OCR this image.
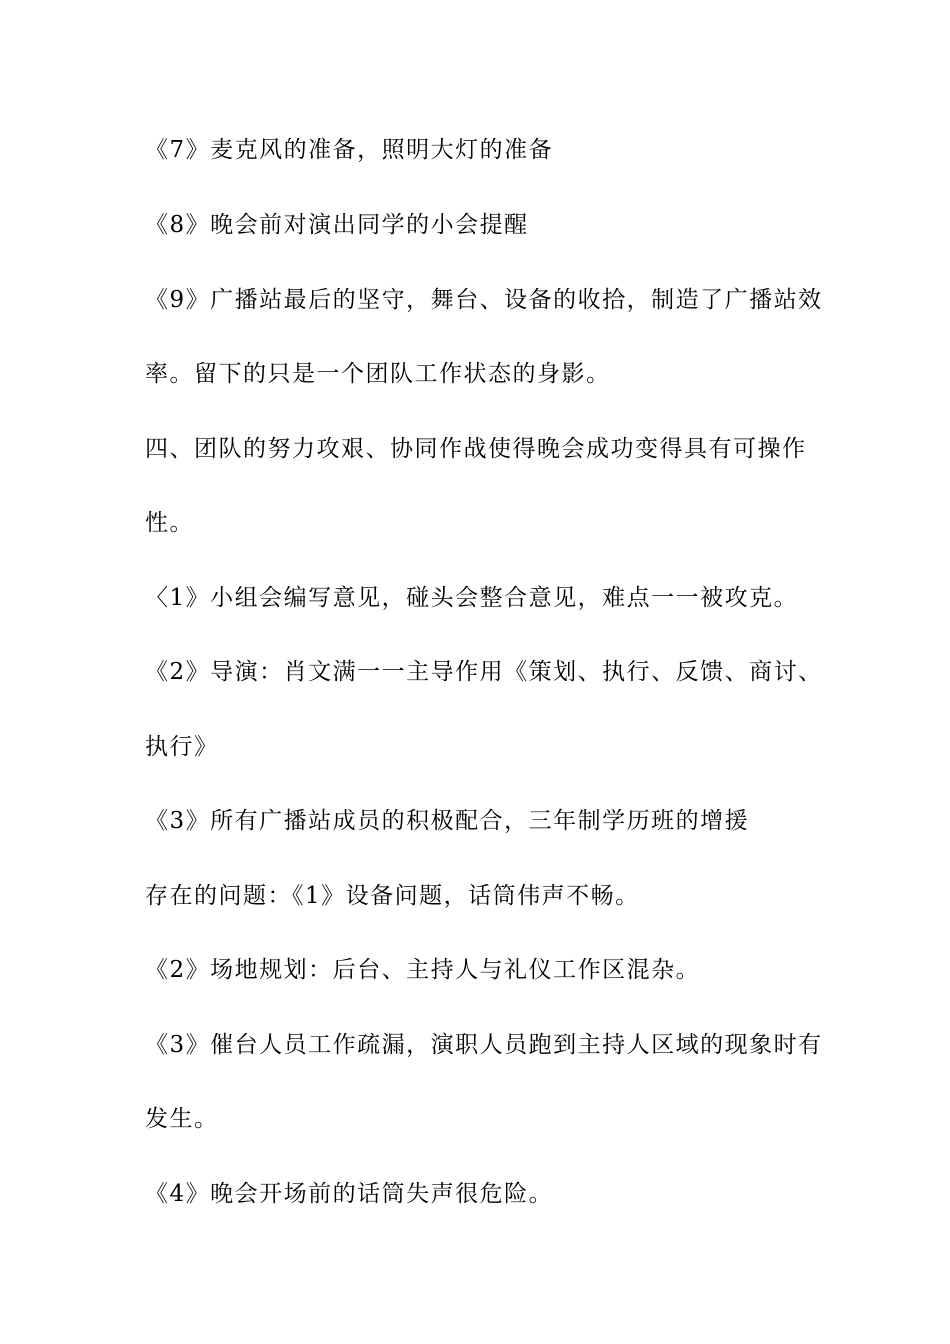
《7》麦克风的准备，照明大灯的准备
《8》晚会前对演出同学的小会提醒
《9》广播站最后的坚守，舞台、设备的收拾，制造了广播站效
率。留下的只是一个团队工作状态的身影。
四、团队的努力攻艰、协同作战使得晚会成功变得具有可操作
性。
〈1》小组会编写意见，碰头会整合意见，难点一一被攻克。
《2》导演：肖文满一一主导作用《策划、执行、反馈、商讨、
执行》
《3》所有广播站成员的积极配合，三年制学历班的增援
存在的问题：《1》设备问题，话筒伟声不畅。
《2》场地规划：后台、主持人与礼仪工作区混杂。
《3》催台人员工作疏漏，演职人员跑到主持人区域的现象时有
发生。
《4》晚会开场前的话筒失声很危险。
